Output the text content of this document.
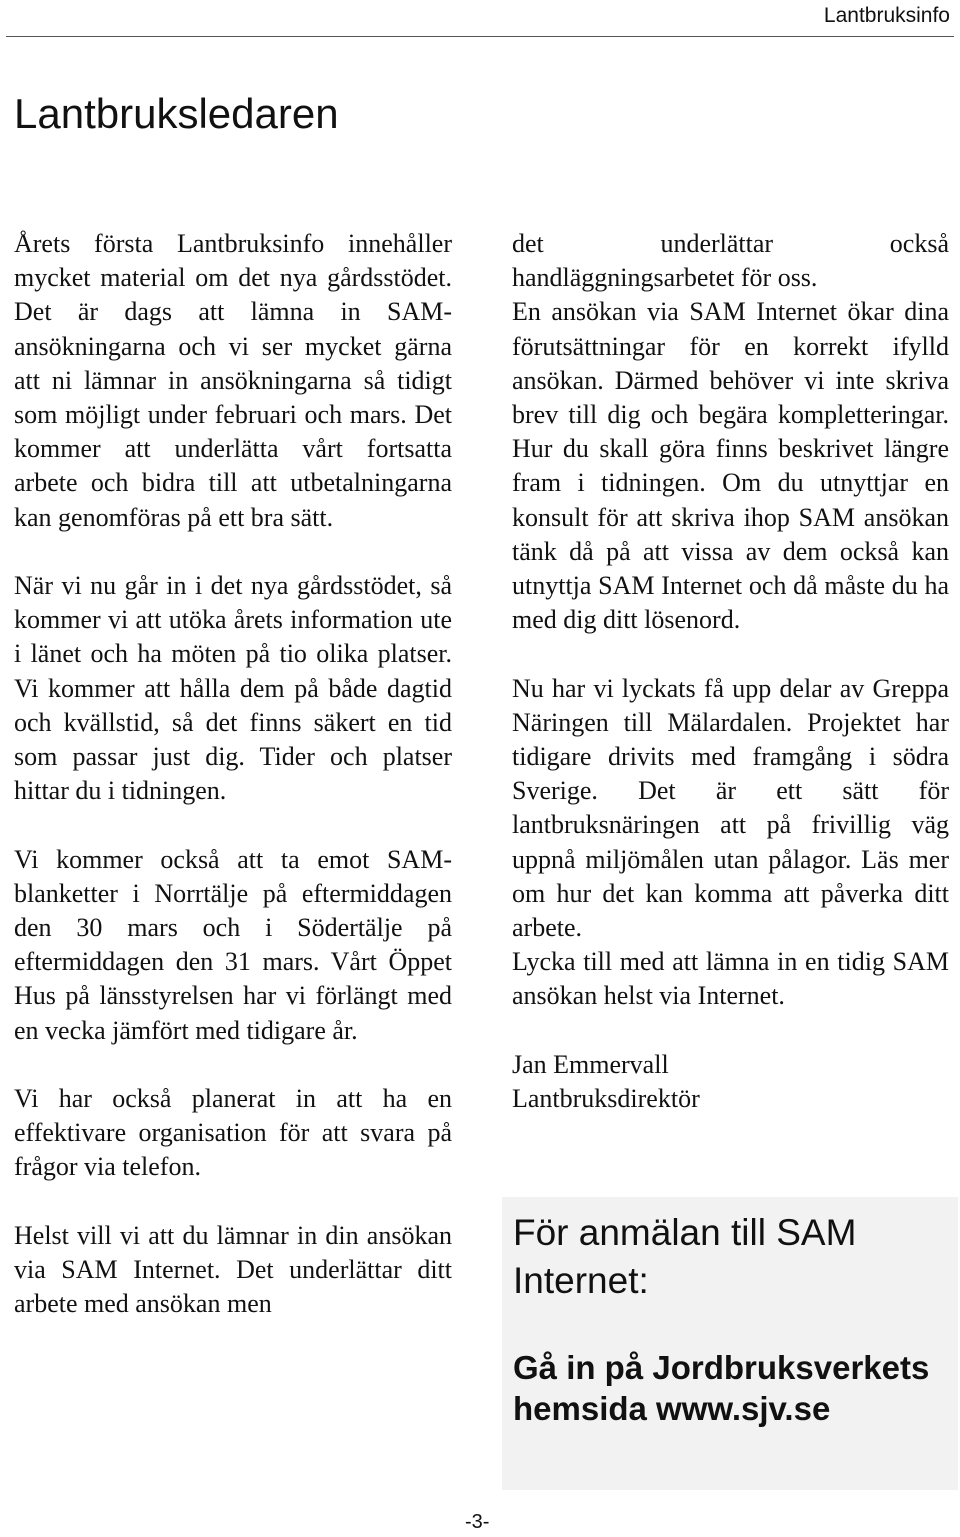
Lantbruksinfo
Lantbruksledaren

Årets första Lantbruksinfo innehåller mycket material om det nya gårdsstödet. Det är dags att lämna in SAM-ansökningarna och vi ser mycket gärna att ni lämnar in ansökningarna så tidigt som möjligt under februari och mars. Det kommer att underlätta vårt fortsatta arbete och bidra till att utbetalningarna kan genomföras på ett bra sätt.

När vi nu går in i det nya gårdsstödet, så kommer vi att utöka årets information ute i länet och ha möten på tio olika platser. Vi kommer att hålla dem på både dagtid och kvällstid, så det finns säkert en tid som passar just dig. Tider och platser hittar du i tidningen.

Vi kommer också att ta emot SAM-blanketter i Norrtälje på eftermiddagen den 30 mars och i Södertälje på eftermiddagen den 31 mars. Vårt Öppet Hus på länsstyrelsen har vi förlängt med en vecka jämfört med tidigare år.

Vi har också planerat in att ha en effektivare organisation för att svara på frågor via telefon.

Helst vill vi att du lämnar in din ansökan via SAM Internet. Det underlättar ditt arbete med ansökan men

det underlättar också handläggningsarbetet för oss.

En ansökan via SAM Internet ökar dina förutsättningar för en korrekt ifylld ansökan. Därmed behöver vi inte skriva brev till dig och begära kompletteringar. Hur du skall göra finns beskrivet längre fram i tidningen. Om du utnyttjar en konsult för att skriva ihop SAM ansökan tänk då på att vissa av dem också kan utnyttja SAM Internet och då måste du ha med dig ditt lösenord.

Nu har vi lyckats få upp delar av Greppa Näringen till Mälardalen. Projektet har tidigare drivits med framgång i södra Sverige. Det är ett sätt för lantbruksnäringen att på frivillig väg uppnå miljömålen utan pålagor. Läs mer om hur det kan komma att påverka ditt arbete.

Lycka till med att lämna in en tidig SAM ansökan helst via Internet.

Jan Emmervall
Lantbruksdirektör
För anmälan till SAM Internet:
Gå in på Jordbruksverkets hemsida www.sjv.se
-3-
